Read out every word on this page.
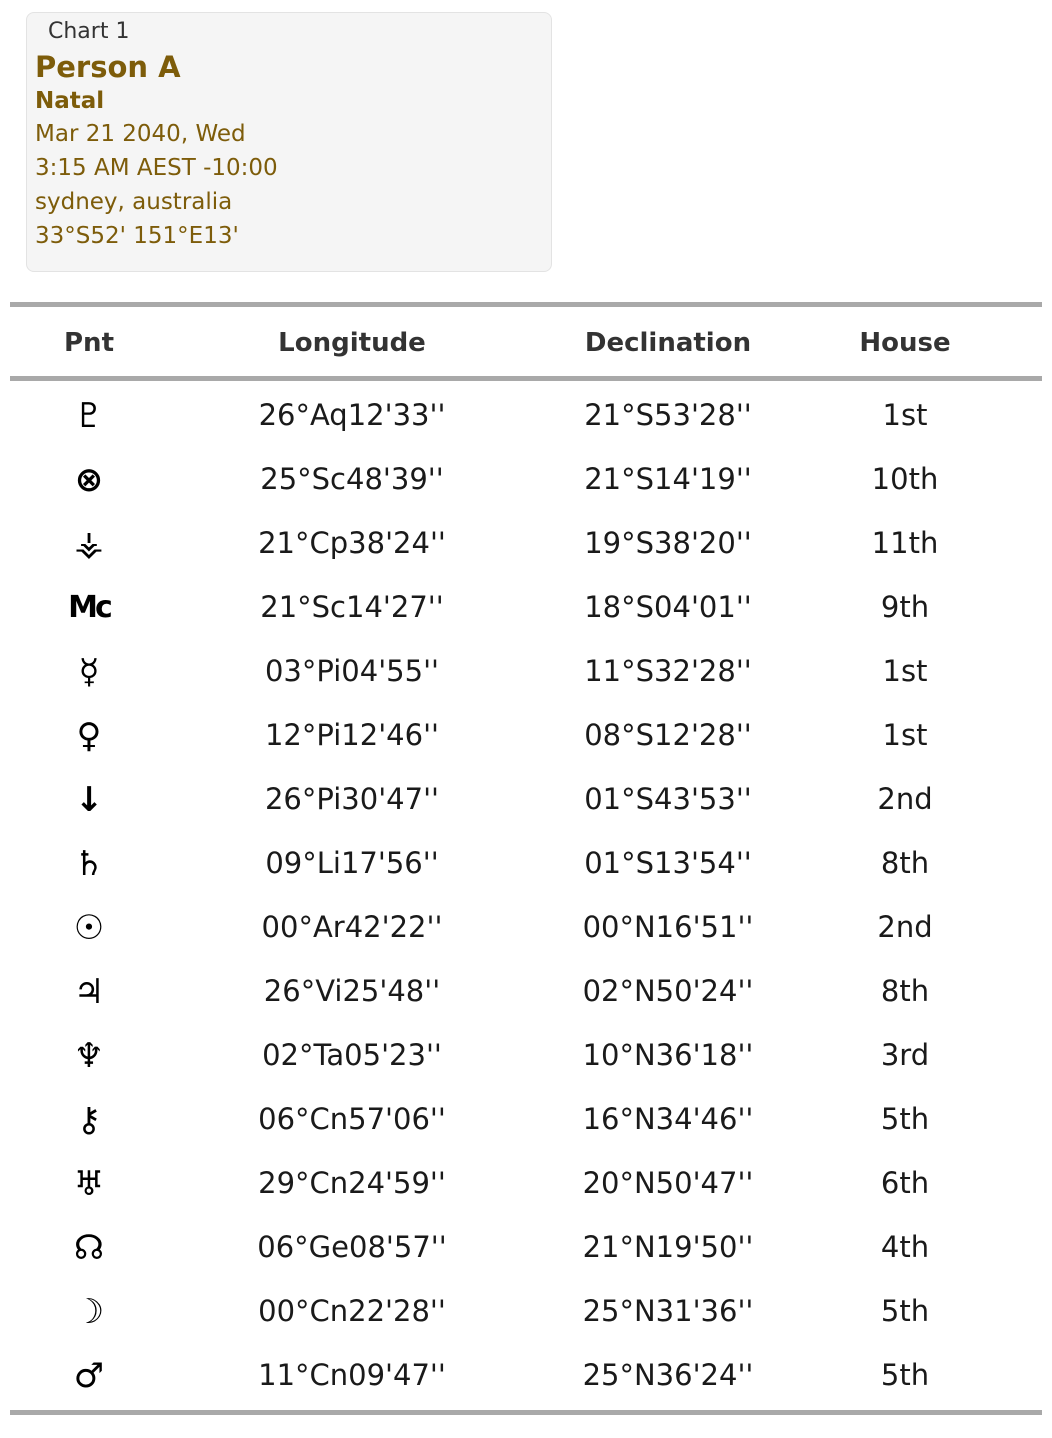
Chart 1
Person A
Natal
Mar 21 2040, Wed
3:15 AM AEST -10:00
sydney, australia
33°S52' 151°E13'
Pnt	Longitude	Declination	House
♇	26°Aq12'33''	21°S53'28''	1st
⊗	25°Sc48'39''	21°S14'19''	10th
⚶	21°Cp38'24''	19°S38'20''	11th
Mc	21°Sc14'27''	18°S04'01''	9th
☿	03°Pi04'55''	11°S32'28''	1st
♀	12°Pi12'46''	08°S12'28''	1st
↓	26°Pi30'47''	01°S43'53''	2nd
♄	09°Li17'56''	01°S13'54''	8th
☉	00°Ar42'22''	00°N16'51''	2nd
♃	26°Vi25'48''	02°N50'24''	8th
♆	02°Ta05'23''	10°N36'18''	3rd
⚷	06°Cn57'06''	16°N34'46''	5th
♅	29°Cn24'59''	20°N50'47''	6th
☊	06°Ge08'57''	21°N19'50''	4th
☽	00°Cn22'28''	25°N31'36''	5th
♂	11°Cn09'47''	25°N36'24''	5th
